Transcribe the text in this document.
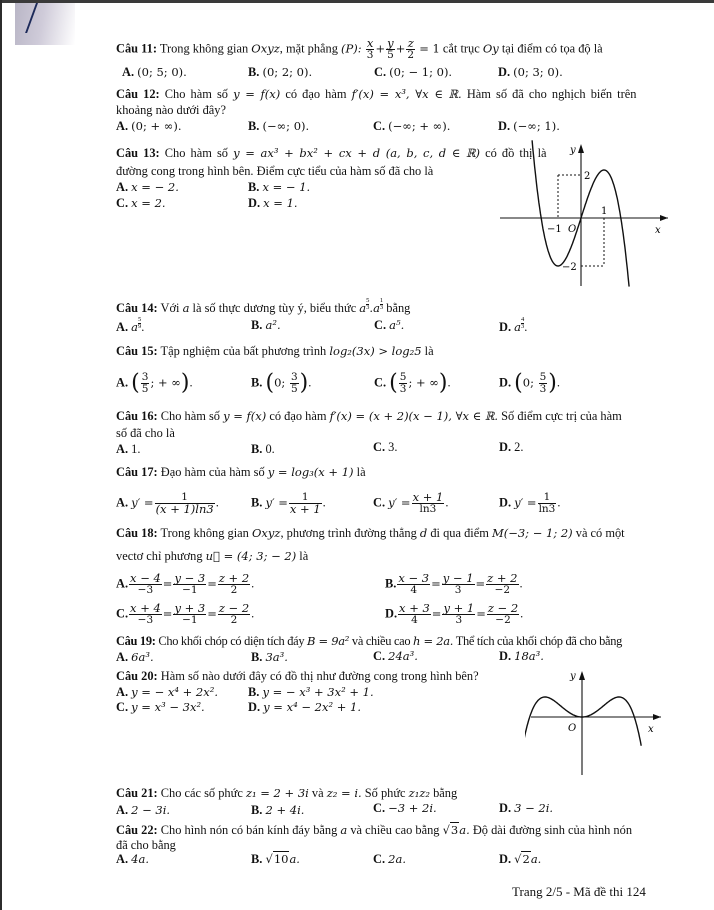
Câu 11: Trong không gian Oxyz, mặt phẳng (P): $\frac{x}{3} + \frac{y}{5} + \frac{z}{2} = 1$ cắt trục Oy tại điểm có tọa độ là
A. (0; 5; 0).	B. (0; 2; 0).	C. (0; − 1; 0).	D. (0; 3; 0).
Câu 12: Cho hàm số y = f(x) có đạo hàm f′(x) = x³, ∀x ∈ ℝ. Hàm số đã cho nghịch biến trên
khoảng nào dưới đây?
A. (0; + ∞).	B. (−∞; 0).	C. (−∞; + ∞).	D. (−∞; 1).
Câu 13: Cho hàm số y = ax³ + bx² + cx + d (a, b, c, d ∈ ℝ) có đồ thị là
đường cong trong hình bên. Điểm cực tiểu của hàm số đã cho là
A. x = − 2.	B. x = − 1.
C. x = 2.	D. x = 1.
y
x
2
−2
−1
1
O
Câu 14: Với a là số thực dương tùy ý, biểu thức a $\frac{5}{3} .a \frac{1}{3}$ bằng
A. a $\frac{5}{9}$ .	B. a².	C. a⁵.	D. a $\frac{4}{3}$ .
Câu 15: Tập nghiệm của bất phương trình log₂(3x) > log₂5 là
A. ( $\frac{3}{5}$ ; + ∞).	B. (0; $\frac{3}{5}$ ).	C. ( $\frac{5}{3}$ ; + ∞).	D. (0; $\frac{5}{3}$ ).
Câu 16: Cho hàm số y = f(x) có đạo hàm f′(x) = (x + 2)(x − 1), ∀x ∈ ℝ. Số điểm cực trị của hàm
số đã cho là
A. 1.	B. 0.	C. 3.	D. 2.
Câu 17: Đạo hàm của hàm số y = log₃(x + 1) là
A. $y' = \frac{1}{(x + 1)\ln 3}$ .	B. $y' = \frac{1}{x + 1}$ .	C. $y' = \frac{x + 1}{\ln 3}$ .	D. $y' = \frac{1}{\ln 3}$ .
Câu 18: Trong không gian Oxyz, phương trình đường thẳng d đi qua điểm M(−3; − 1; 2) và có một
vectơ chỉ phương u⃗ = (4; 3; − 2) là
A. $\frac{x - 4}{-3} = \frac{y - 3}{-1} = \frac{z + 2}{2}$ .	B. $\frac{x - 3}{4} = \frac{y - 1}{3} = \frac{z + 2}{-2}$ .
C. $\frac{x + 4}{-3} = \frac{y + 3}{-1} = \frac{z - 2}{2}$ .	D. $\frac{x + 3}{4} = \frac{y + 1}{3} = \frac{z - 2}{-2}$ .
Câu 19: Cho khối chóp có diện tích đáy B = 9a² và chiều cao h = 2a. Thể tích của khối chóp đã cho bằng
A. 6a³.	B. 3a³.	C. 24a³.	D. 18a³.
Câu 20: Hàm số nào dưới đây có đồ thị như đường cong trong hình bên?
A. y = − x⁴ + 2x². B. y = − x³ + 3x² + 1.
C. y = x³ − 3x².	D. y = x⁴ − 2x² + 1.
y
O	x
Câu 21: Cho các số phức z₁ = 2 + 3i và z₂ = i. Số phức z₁z₂ bằng
A. 2 − 3i.	B. 2 + 4i.	C. −3 + 2i.	D. 3 − 2i.
Câu 22: Cho hình nón có bán kính đáy bằng a và chiều cao bằng √3a. Độ dài đường sinh của hình nón
đã cho bằng
A. 4a.	B. √10a.	C. 2a.	D. √2a.
Trang 2/5 - Mã đề thi 124
